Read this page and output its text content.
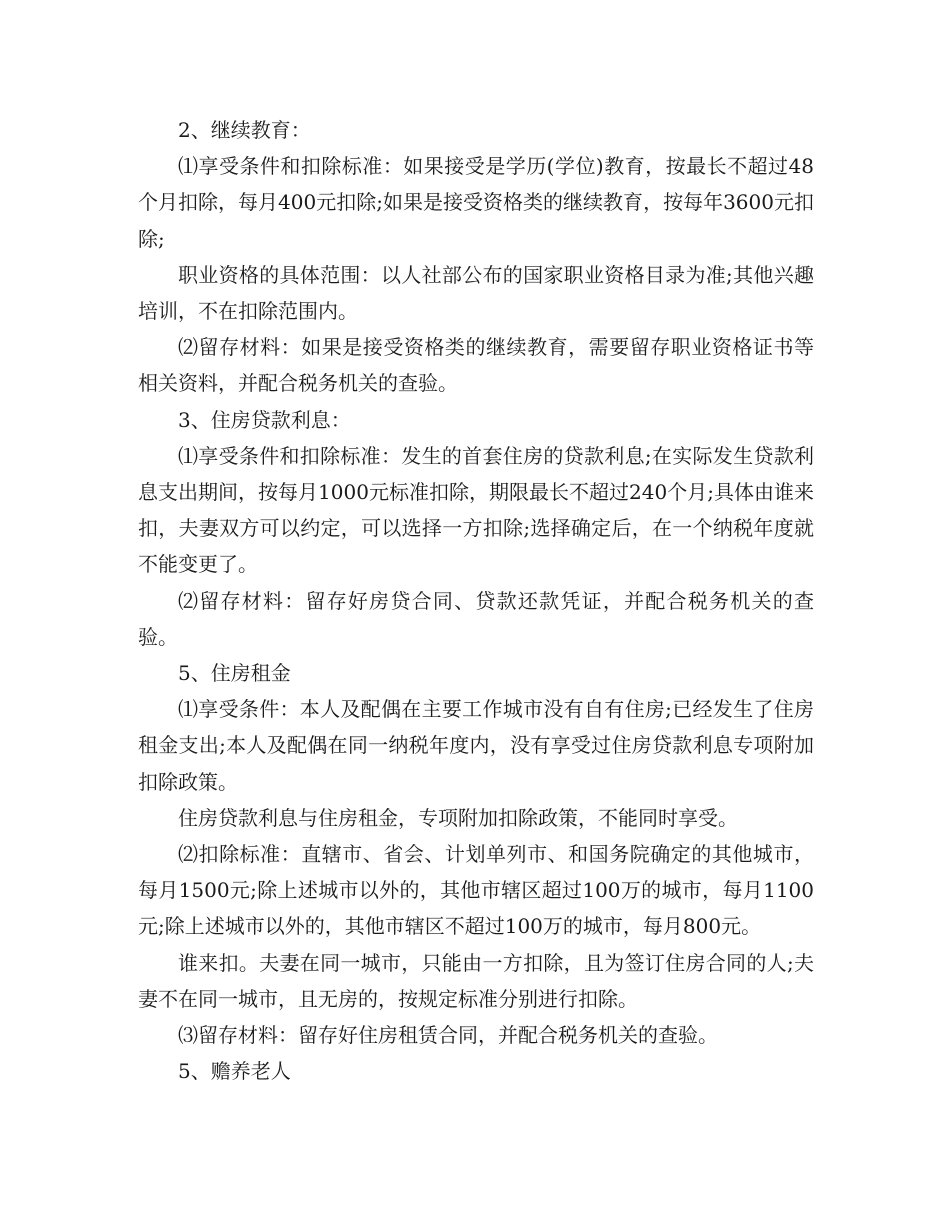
2、继续教育：

⑴享受条件和扣除标准：如果接受是学历(学位)教育，按最长不超过48个月扣除，每月400元扣除;如果是接受资格类的继续教育，按每年3600元扣除;

职业资格的具体范围：以人社部公布的国家职业资格目录为准;其他兴趣培训，不在扣除范围内。

⑵留存材料：如果是接受资格类的继续教育，需要留存职业资格证书等相关资料，并配合税务机关的查验。

3、住房贷款利息：

⑴享受条件和扣除标准：发生的首套住房的贷款利息;在实际发生贷款利息支出期间，按每月1000元标准扣除，期限最长不超过240个月;具体由谁来扣，夫妻双方可以约定，可以选择一方扣除;选择确定后，在一个纳税年度就不能变更了。

⑵留存材料：留存好房贷合同、贷款还款凭证，并配合税务机关的查验。

5、住房租金

⑴享受条件：本人及配偶在主要工作城市没有自有住房;已经发生了住房租金支出;本人及配偶在同一纳税年度内，没有享受过住房贷款利息专项附加扣除政策。

住房贷款利息与住房租金，专项附加扣除政策，不能同时享受。

⑵扣除标准：直辖市、省会、计划单列市、和国务院确定的其他城市，每月1500元;除上述城市以外的，其他市辖区超过100万的城市，每月1100元;除上述城市以外的，其他市辖区不超过100万的城市，每月800元。

谁来扣。夫妻在同一城市，只能由一方扣除，且为签订住房合同的人;夫妻不在同一城市，且无房的，按规定标准分别进行扣除。

⑶留存材料：留存好住房租赁合同，并配合税务机关的查验。

5、赡养老人
